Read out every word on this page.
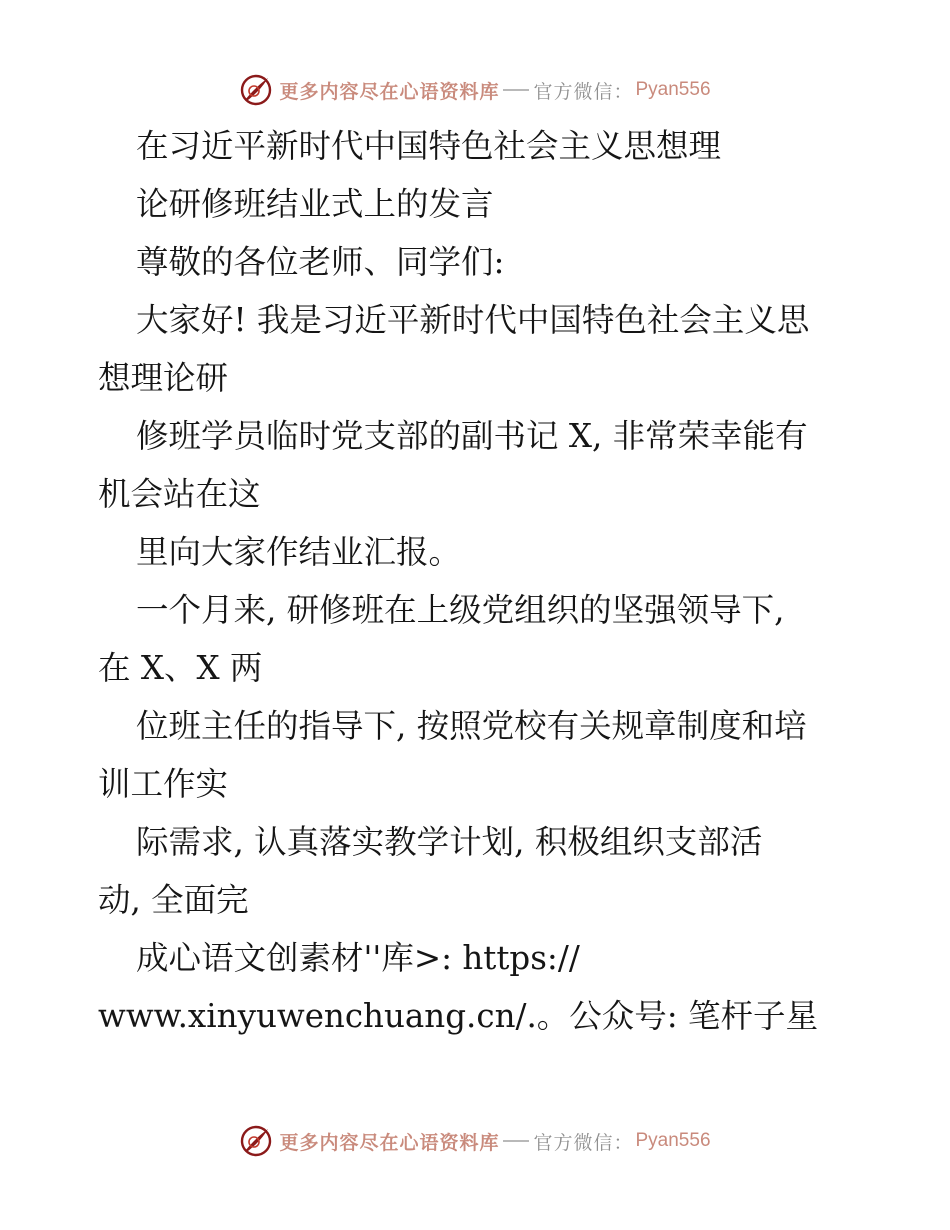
更多内容尽在心语资料库 官方微信： Pyan556
在习近平新时代中国特色社会主义思想理
论研修班结业式上的发言
尊敬的各位老师、同学们:
大家好! 我是习近平新时代中国特色社会主义思
想理论研
修班学员临时党支部的副书记 X, 非常荣幸能有
机会站在这
里向大家作结业汇报。
一个月来, 研修班在上级党组织的坚强领导下,
在 X、X 两
位班主任的指导下, 按照党校有关规章制度和培
训工作实
际需求, 认真落实教学计划, 积极组织支部活
动, 全面完
成心语文创素材''库>: https://
www.xinyuwenchuang.cn/.。公众号: 笔杆子星
更多内容尽在心语资料库 官方微信： Pyan556
